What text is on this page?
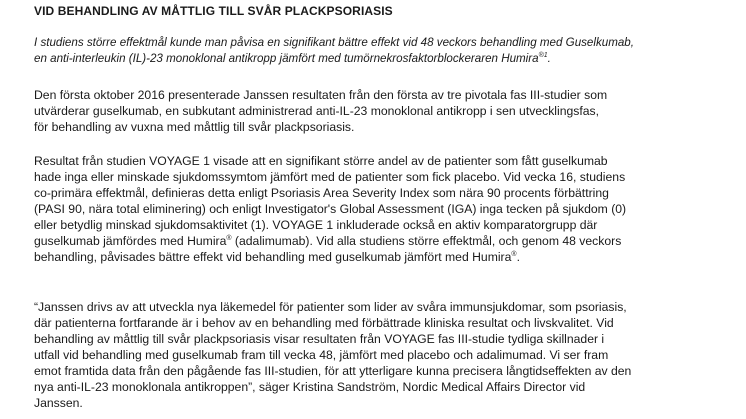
VID BEHANDLING AV MÅTTLIG TILL SVÅR PLACKPSORIASIS

I studiens större effektmål kunde man påvisa en signifikant bättre effekt vid 48 veckors behandling med Guselkumab,
en anti-interleukin (IL)-23 monoklonal antikropp jämfört med tumörnekrosfaktorblockeraren Humira$^{®1}$.

Den första oktober 2016 presenterade Janssen resultaten från den första av tre pivotala fas III-studier som
utvärderar guselkumab, en subkutant administrerad anti-IL-23 monoklonal antikropp i sen utvecklingsfas,
för behandling av vuxna med måttlig till svår plackpsoriasis.

Resultat från studien VOYAGE 1 visade att en signifikant större andel av de patienter som fått guselkumab
hade inga eller minskade sjukdomssymtom jämfört med de patienter som fick placebo. Vid vecka 16, studiens
co-primära effektmål, definieras detta enligt Psoriasis Area Severity Index som nära 90 procents förbättring
(PASI 90, nära total eliminering) och enligt Investigator's Global Assessment (IGA) inga tecken på sjukdom (0)
eller betydlig minskad sjukdomsaktivitet (1). VOYAGE 1 inkluderade också en aktiv komparatorgrupp där
guselkumab jämfördes med Humira® (adalimumab). Vid alla studiens större effektmål, och genom 48 veckors
behandling, påvisades bättre effekt vid behandling med guselkumab jämfört med Humira®.

“Janssen drivs av att utveckla nya läkemedel för patienter som lider av svåra immunsjukdomar, som psoriasis,
där patienterna fortfarande är i behov av en behandling med förbättrade kliniska resultat och livskvalitet. Vid
behandling av måttlig till svår plackpsoriasis visar resultaten från VOYAGE fas III-studie tydliga skillnader i
utfall vid behandling med guselkumab fram till vecka 48, jämfört med placebo och adalimumad. Vi ser fram
emot framtida data från den pågående fas III-studien, för att ytterligare kunna precisera långtidseffekten av den
nya anti-IL-23 monoklonala antikroppen”, säger Kristina Sandström, Nordic Medical Affairs Director vid
Janssen.
